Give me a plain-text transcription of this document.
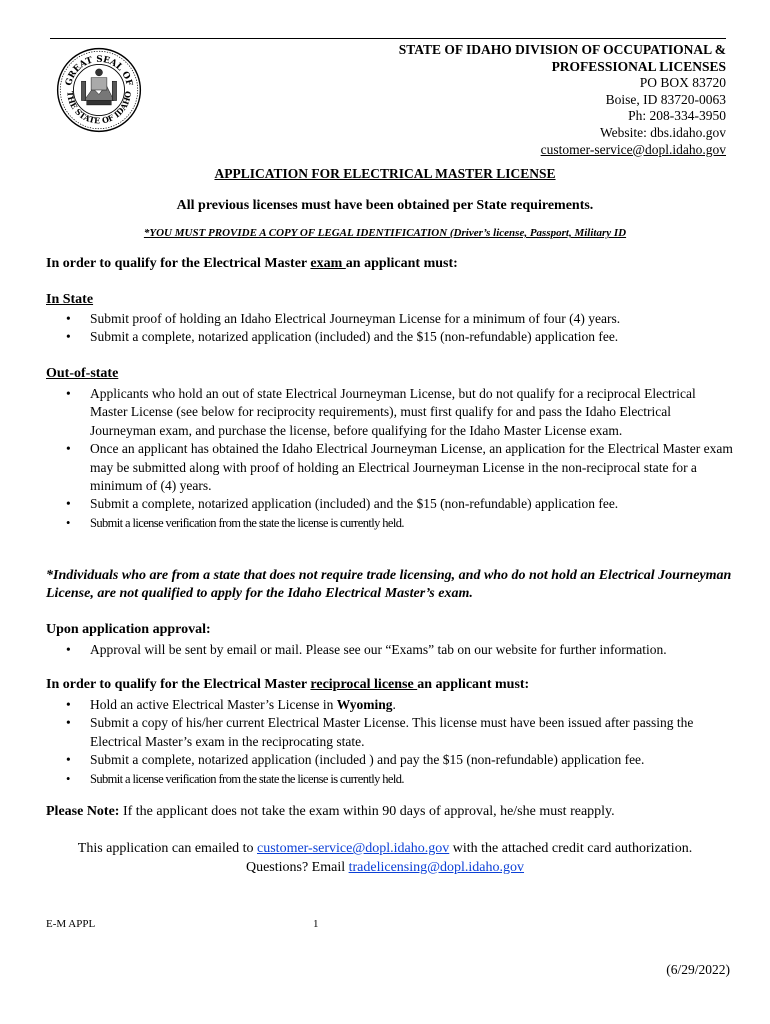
GREAT SEAL OF
THE STATE OF IDAHO
STATE OF IDAHO DIVISION OF OCCUPATIONAL &
PROFESSIONAL LICENSES
PO BOX 83720
Boise, ID 83720-0063
Ph: 208-334-3950
Website: dbs.idaho.gov
customer-service@dopl.idaho.gov
APPLICATION FOR ELECTRICAL MASTER LICENSE
All previous licenses must have been obtained per State requirements.
*YOU MUST PROVIDE A COPY OF LEGAL IDENTIFICATION (Driver’s license, Passport, Military ID
In order to qualify for the Electrical Master exam an applicant must:
In State
• Submit proof of holding an Idaho Electrical Journeyman License for a minimum of four (4) years.
• Submit a complete, notarized application (included) and the $15 (non-refundable) application fee.
Out-of-state
• Applicants who hold an out of state Electrical Journeyman License, but do not qualify for a reciprocal Electrical Master License (see below for reciprocity requirements), must first qualify for and pass the Idaho Electrical Journeyman exam, and purchase the license, before qualifying for the Idaho Master License exam.
• Once an applicant has obtained the Idaho Electrical Journeyman License, an application for the Electrical Master exam may be submitted along with proof of holding an Electrical Journeyman License in the non-reciprocal state for a minimum of (4) years.
• Submit a complete, notarized application (included) and the $15 (non-refundable) application fee.
• Submit a license verification from the state the license is currently held.
*Individuals who are from a state that does not require trade licensing, and who do not hold an Electrical Journeyman License, are not qualified to apply for the Idaho Electrical Master’s exam.
Upon application approval:
• Approval will be sent by email or mail. Please see our “Exams” tab on our website for further information.
In order to qualify for the Electrical Master reciprocal license an applicant must:
• Hold an active Electrical Master’s License in Wyoming.
• Submit a copy of his/her current Electrical Master License. This license must have been issued after passing the Electrical Master’s exam in the reciprocating state.
• Submit a complete, notarized application (included ) and pay the $15 (non-refundable) application fee.
• Submit a license verification from the state the license is currently held.
Please Note: If the applicant does not take the exam within 90 days of approval, he/she must reapply.
This application can emailed to customer-service@dopl.idaho.gov with the attached credit card authorization.
Questions? Email tradelicensing@dopl.idaho.gov
E-M APPL	1
(6/29/2022)
